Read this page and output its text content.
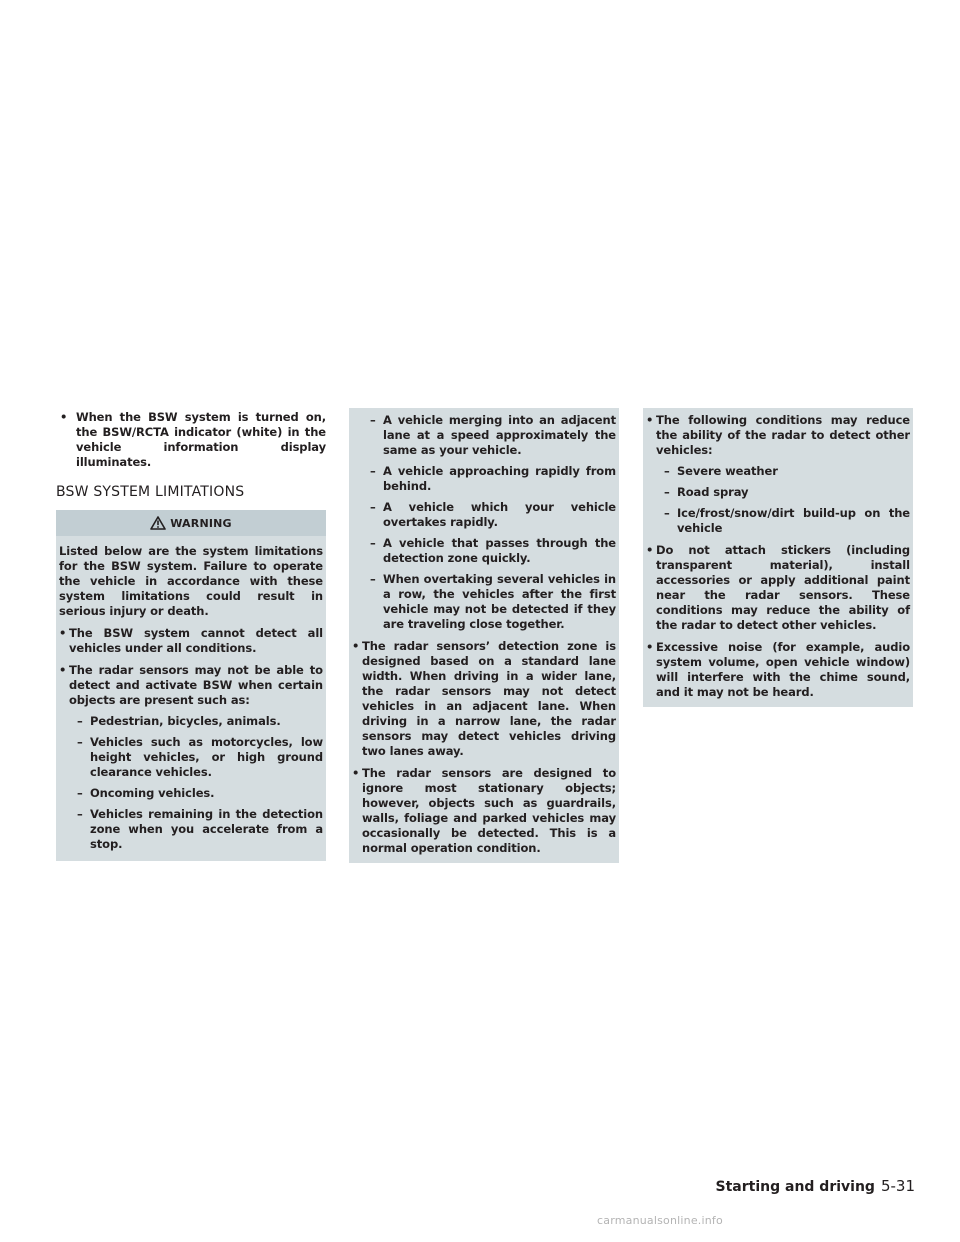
• When the BSW system is turned on, the BSW/RCTA indicator (white) in the vehicle information display illuminates.

BSW SYSTEM LIMITATIONS
WARNING

Listed below are the system limitations for the BSW system. Failure to operate the vehicle in accordance with these system limitations could result in serious injury or death.

• The BSW system cannot detect all vehicles under all conditions.
• The radar sensors may not be able to detect and activate BSW when certain objects are present such as:
– Pedestrian, bicycles, animals.
– Vehicles such as motorcycles, low height vehicles, or high ground clearance vehicles.
– Oncoming vehicles.
– Vehicles remaining in the detection zone when you accelerate from a stop.
– A vehicle merging into an adjacent lane at a speed approximately the same as your vehicle.
– A vehicle approaching rapidly from behind.
– A vehicle which your vehicle overtakes rapidly.
– A vehicle that passes through the detection zone quickly.
– When overtaking several vehicles in a row, the vehicles after the first vehicle may not be detected if they are traveling close together.
• The radar sensors’ detection zone is designed based on a standard lane width. When driving in a wider lane, the radar sensors may not detect vehicles in an adjacent lane. When driving in a narrow lane, the radar sensors may detect vehicles driving two lanes away.
• The radar sensors are designed to ignore most stationary objects; however, objects such as guardrails, walls, foliage and parked vehicles may occasionally be detected. This is a normal operation condition.
• The following conditions may reduce the ability of the radar to detect other vehicles:
– Severe weather
– Road spray
– Ice/frost/snow/dirt build-up on the vehicle
• Do not attach stickers (including transparent material), install accessories or apply additional paint near the radar sensors. These conditions may reduce the ability of the radar to detect other vehicles.
• Excessive noise (for example, audio system volume, open vehicle window) will interfere with the chime sound, and it may not be heard.
Starting and driving 5-31
carmanualsonline.info
